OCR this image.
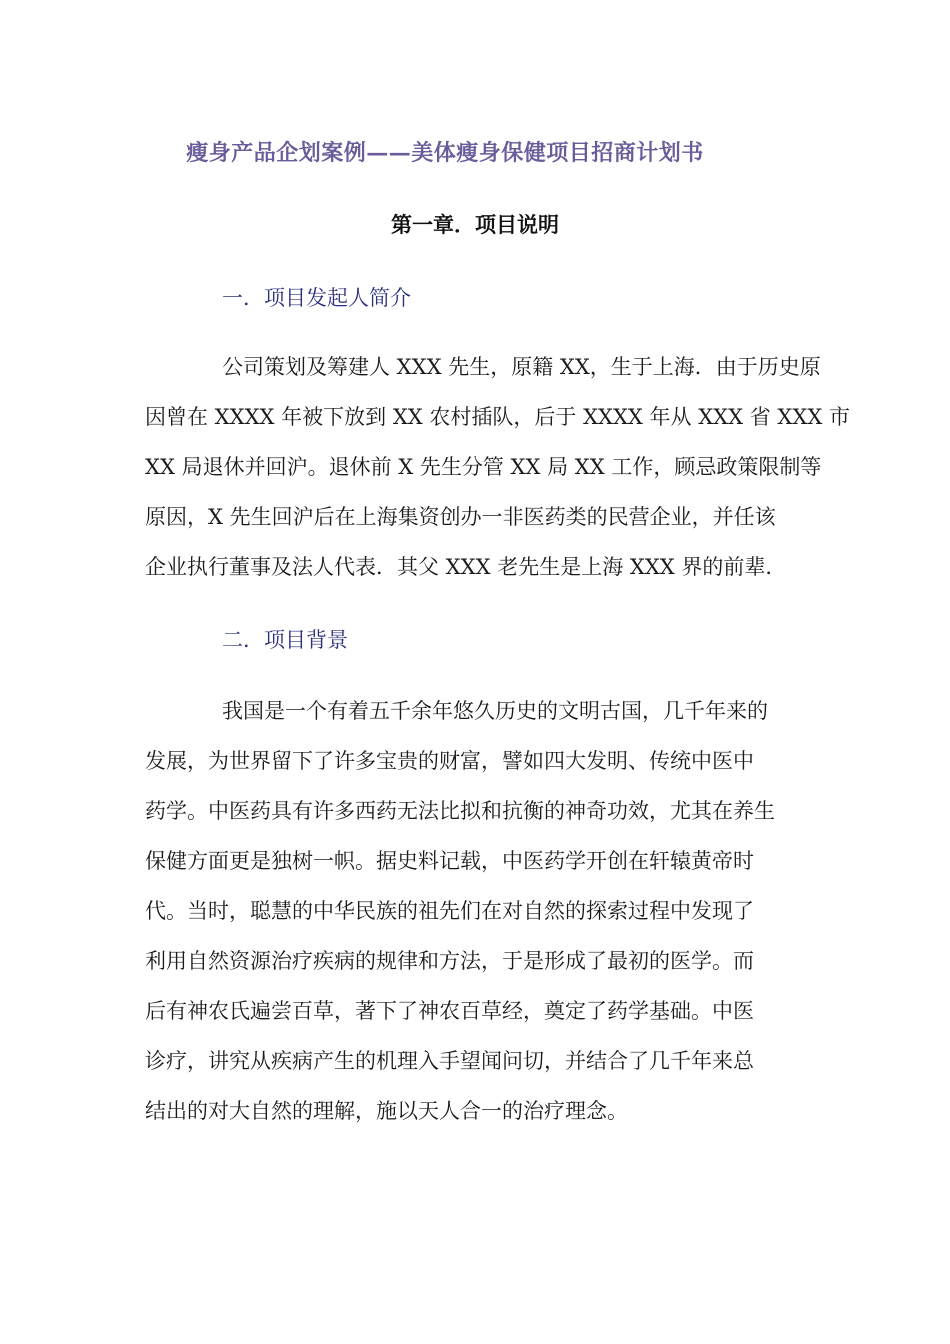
瘦身产品企划案例——美体瘦身保健项目招商计划书
第一章．项目说明
一．项目发起人简介
公司策划及筹建人 XXX 先生，原籍 XX，生于上海．由于历史原
因曾在 XXXX 年被下放到 XX 农村插队，后于 XXXX 年从 XXX 省 XXX 市
XX 局退休并回沪。退休前 X 先生分管 XX 局 XX 工作，顾忌政策限制等
原因，X 先生回沪后在上海集资创办一非医药类的民营企业，并任该
企业执行董事及法人代表．其父 XXX 老先生是上海 XXX 界的前辈．
二．项目背景
我国是一个有着五千余年悠久历史的文明古国，几千年来的
发展，为世界留下了许多宝贵的财富，譬如四大发明、传统中医中
药学。中医药具有许多西药无法比拟和抗衡的神奇功效，尤其在养生
保健方面更是独树一帜。据史料记载，中医药学开创在轩辕黄帝时
代。当时，聪慧的中华民族的祖先们在对自然的探索过程中发现了
利用自然资源治疗疾病的规律和方法，于是形成了最初的医学。而
后有神农氏遍尝百草，著下了神农百草经，奠定了药学基础。中医
诊疗，讲究从疾病产生的机理入手望闻问切，并结合了几千年来总
结出的对大自然的理解，施以天人合一的治疗理念。
